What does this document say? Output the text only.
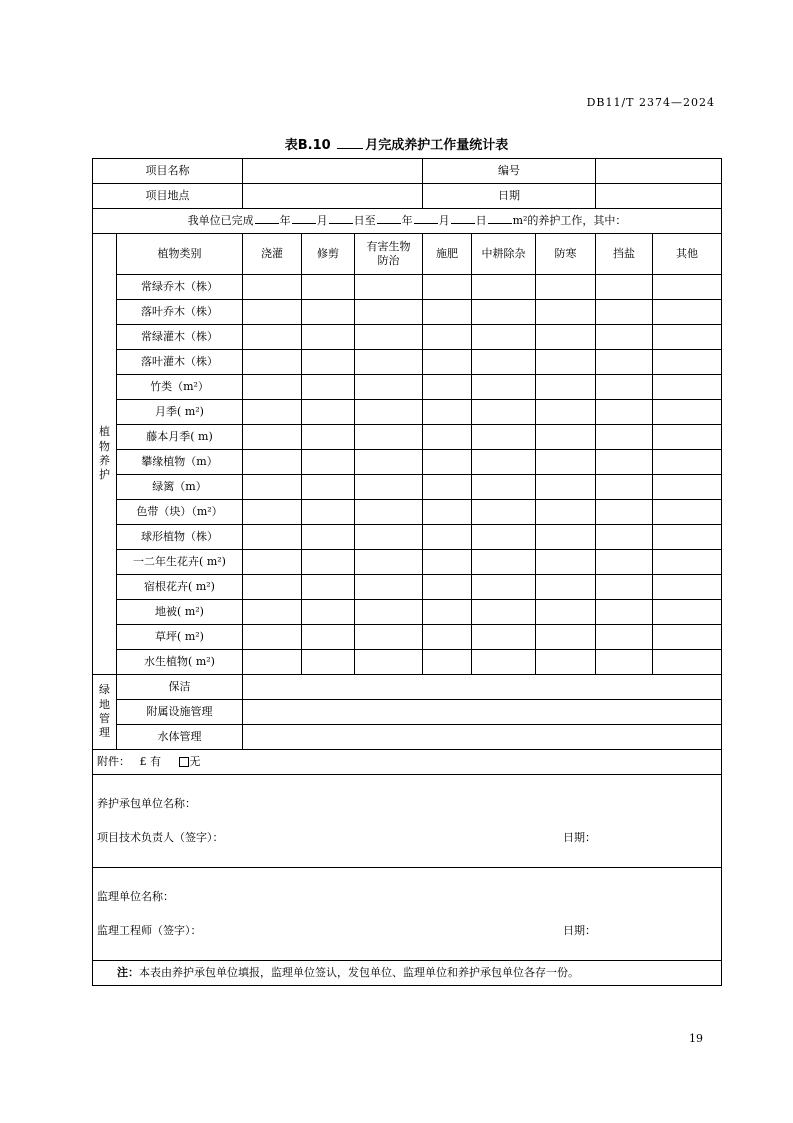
DB11/T 2374—2024
表B.10	月完成养护工作量统计表
项目名称					编号				
项目地点					日期				
我单位已完成 年 月 日至 年 月 日 m²的养护工作，其中：									
植物养护	植物类别	浇灌	修剪	有害生物防治	施肥	中耕除杂	防寒	挡盐	其他
	常绿乔木（株）								
	落叶乔木（株）								
	常绿灌木（株）								
	落叶灌木（株）								
	竹类（m²）								
	月季( m²)								
	藤本月季( m)								
	攀缘植物（m）								
	绿篱（m）								
	色带（块）（m²）								
	球形植物（株）								
	一二年生花卉( m²)								
	宿根花卉( m²)								
	地被( m²)								
	草坪( m²)								
	水生植物( m²)								
绿地管理	保洁								
	附属设施管理								
	水体管理								
附件： £ 有 无									

养护承包单位名称：
项目技术负责人（签字）： 日期：									

监理单位名称：
监理工程师（签字）： 日期：									

注：本表由养护承包单位填报，监理单位签认，发包单位、监理单位和养护承包单位各存一份。									
19
